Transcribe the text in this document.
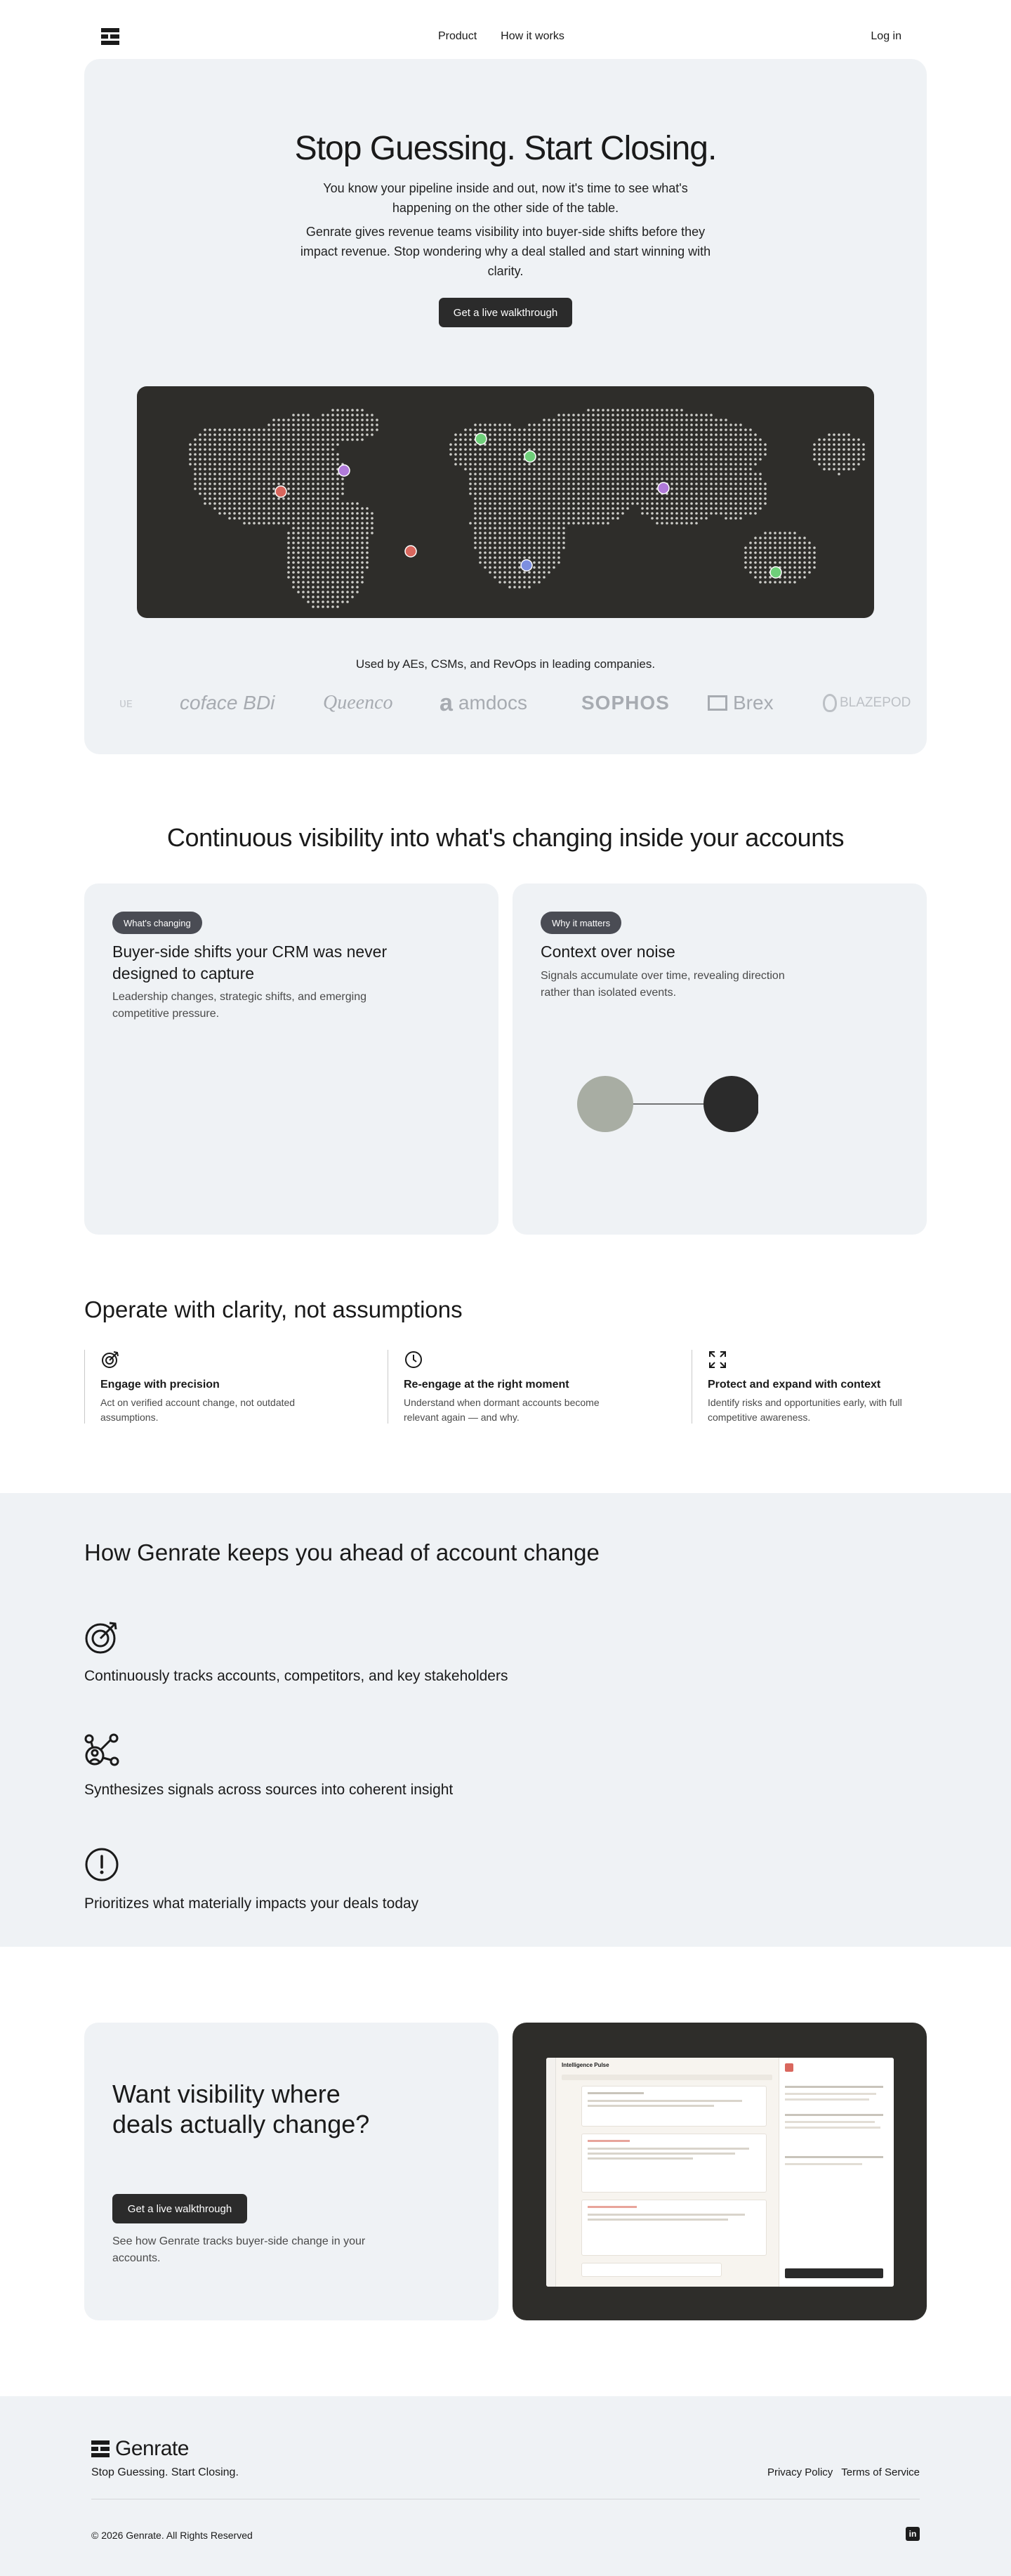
Product How it works	Log in
Stop Guessing. Start Closing.
You know your pipeline inside and out, now it's time to see what's happening on the other side of the table.
Genrate gives revenue teams visibility into buyer-side shifts before they impact revenue. Stop wondering why a deal stalled and start winning with clarity.
Get a live walkthrough
Used by AEs, CSMs, and RevOps in leading companies.
ᴜᴇ coface BDi Queenco a amdocs	SOPHOS	Brex	BLAZEPOD
Continuous visibility into what's changing inside your accounts
What's changing
Buyer-side shifts your CRM was never designed to capture

Leadership changes, strategic shifts, and emerging competitive pressure.

Why it matters
Context over noise

Signals accumulate over time, revealing direction rather than isolated events.

Operate with clarity, not assumptions
Engage with precision

Act on verified account change, not outdated assumptions.

Re-engage at the right moment

Understand when dormant accounts become relevant again — and why.

Protect and expand with context

Identify risks and opportunities early, with full competitive awareness.

How Genrate keeps you ahead of account change
Continuously tracks accounts, competitors, and key stakeholders
Synthesizes signals across sources into coherent insight
Prioritizes what materially impacts your deals today
Want visibility where deals actually change?
Get a live walkthrough

See how Genrate tracks buyer-side change in your accounts.

Intelligence Pulse
Genrate
Stop Guessing. Start Closing.	Privacy Policy Terms of Service
© 2026 Genrate. All Rights Reserved	in
